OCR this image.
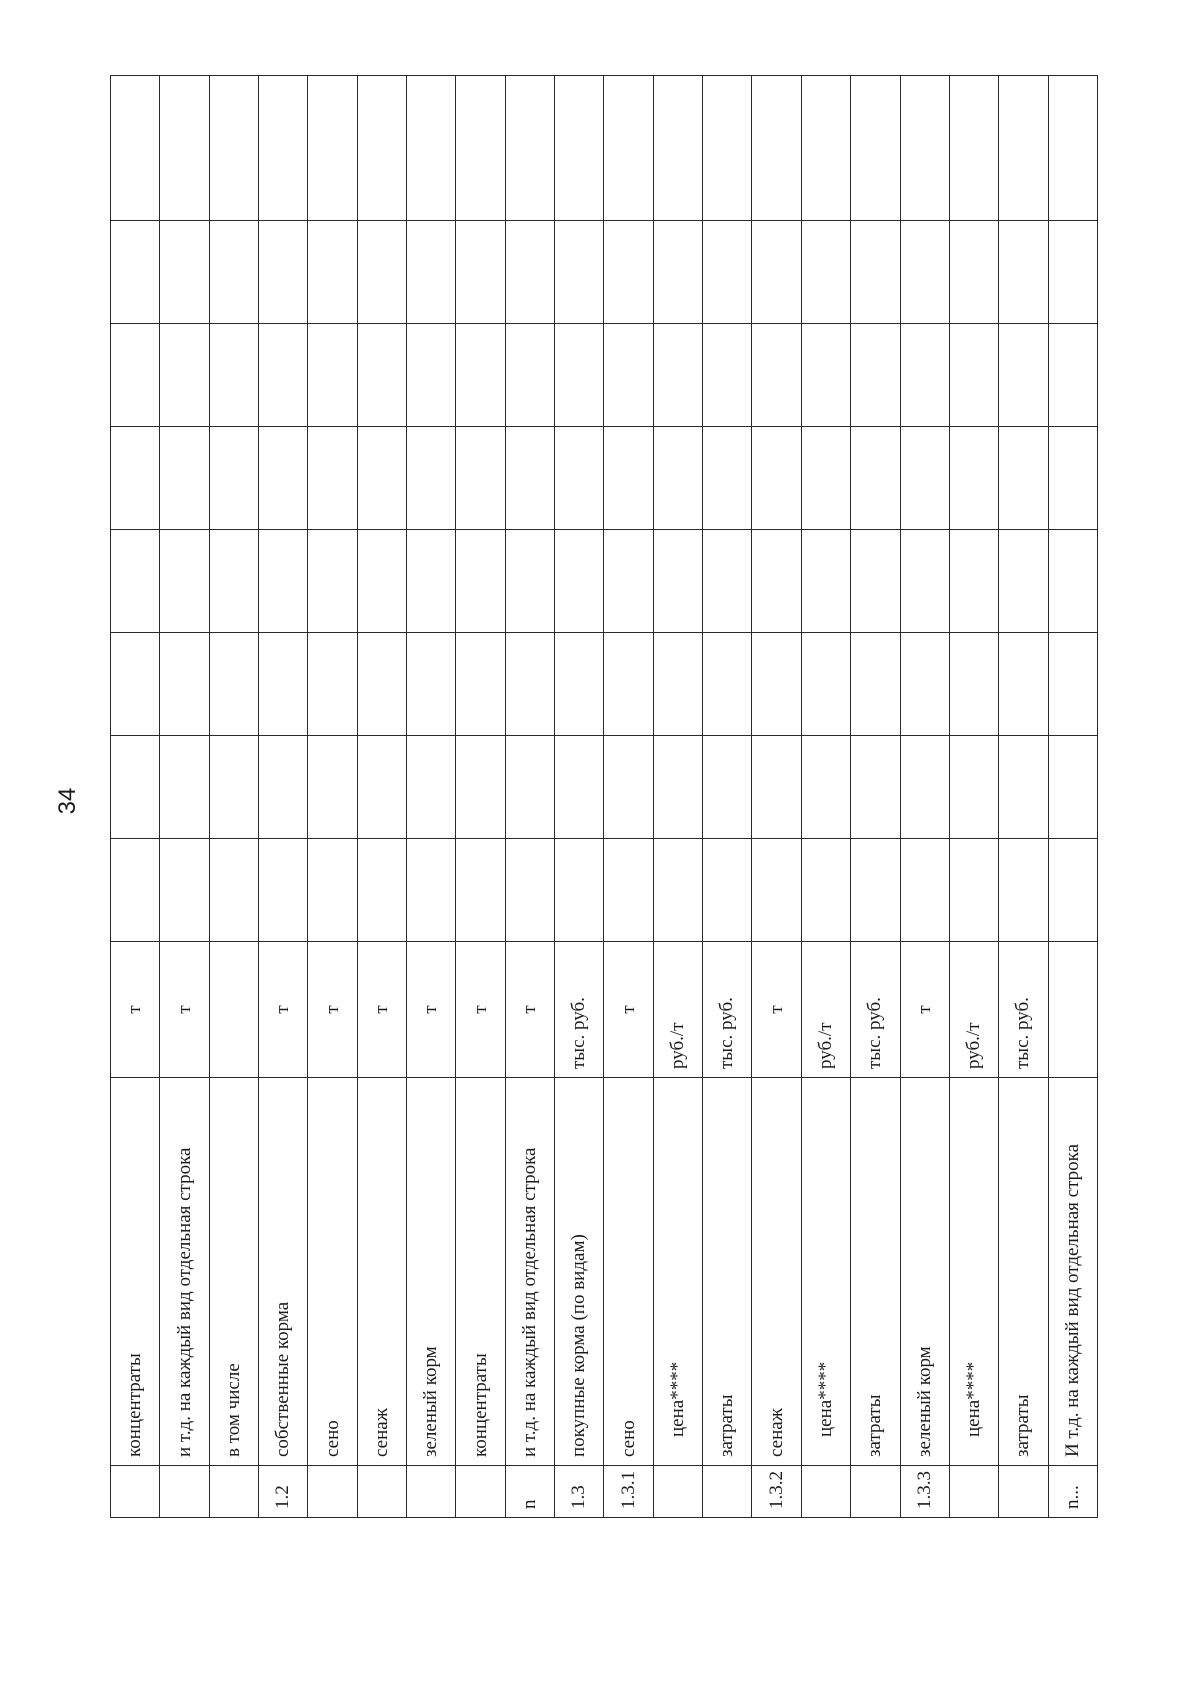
34
	концентраты	т								
	и т.д. на каждый вид отдельная строка	т								
	в том числе									
1.2	собственные корма	т								
	сено	т								
	сенаж	т								
	зеленый корм	т								
	концентраты	т								
n	и т.д. на каждый вид отдельная строка	т								
1.3	покупные корма (по видам)	тыс. руб.								
1.3.1	сено	т								
	цена****	руб./т								
	затраты	тыс. руб.								
1.3.2	сенаж	т								
	цена****	руб./т								
	затраты	тыс. руб.								
1.3.3	зеленый корм	т								
	цена****	руб./т								
	затраты	тыс. руб.								
n...	И т.д. на каждый вид отдельная строка									
